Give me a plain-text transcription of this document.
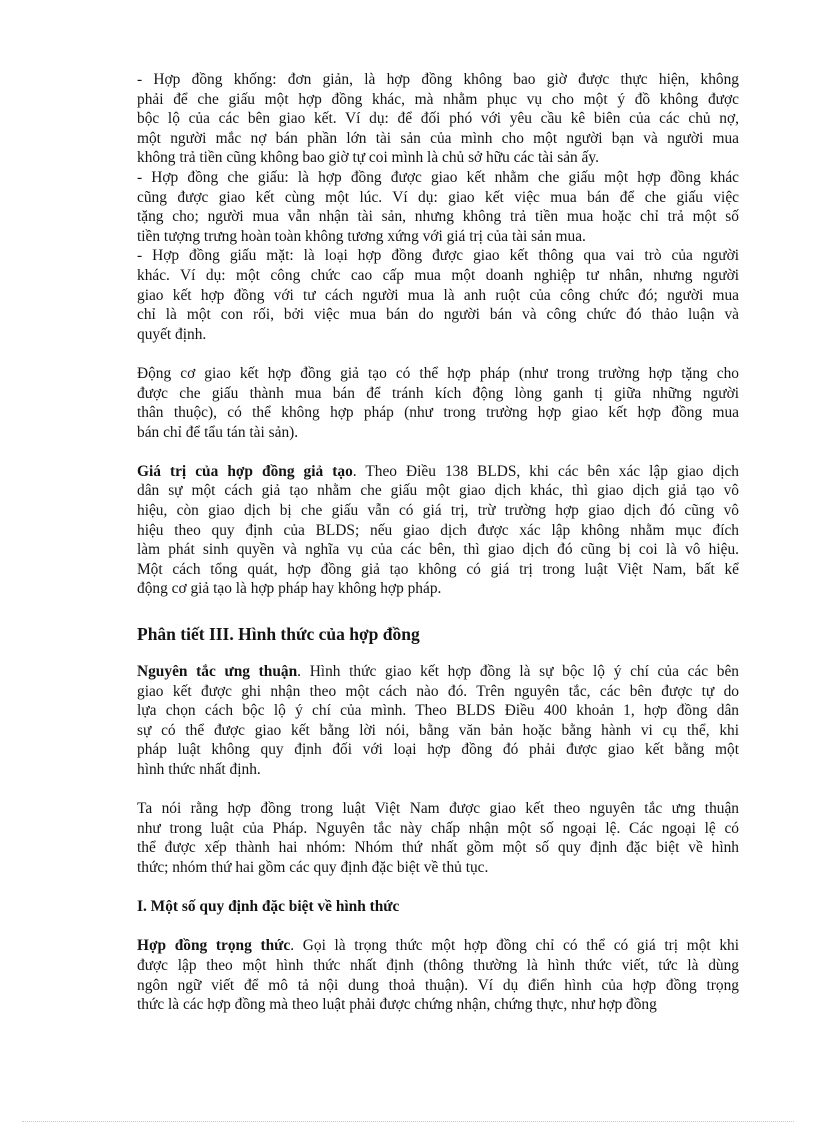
- Hợp đồng khống: đơn giản, là hợp đồng không bao giờ được thực hiện, không
phải để che giấu một hợp đồng khác, mà nhằm phục vụ cho một ý đồ không được
bộc lộ của các bên giao kết. Ví dụ: để đối phó với yêu cầu kê biên của các chủ nợ,
một người mắc nợ bán phần lớn tài sản của mình cho một người bạn và người mua
không trả tiền cũng không bao giờ tự coi mình là chủ sở hữu các tài sản ấy.
- Hợp đồng che giấu: là hợp đồng được giao kết nhằm che giấu một hợp đồng khác
cũng được giao kết cùng một lúc. Ví dụ: giao kết việc mua bán để che giấu việc
tặng cho; người mua vẫn nhận tài sản, nhưng không trả tiền mua hoặc chỉ trả một số
tiền tượng trưng hoàn toàn không tương xứng với giá trị của tài sản mua.
- Hợp đồng giấu mặt: là loại hợp đồng được giao kết thông qua vai trò của người
khác. Ví dụ: một công chức cao cấp mua một doanh nghiệp tư nhân, nhưng người
giao kết hợp đồng với tư cách người mua là anh ruột của công chức đó; người mua
chỉ là một con rối, bởi việc mua bán do người bán và công chức đó thảo luận và
quyết định.
Động cơ giao kết hợp đồng giả tạo có thể hợp pháp (như trong trường hợp tặng cho
được che giấu thành mua bán để tránh kích động lòng ganh tị giữa những người
thân thuộc), có thể không hợp pháp (như trong trường hợp giao kết hợp đồng mua
bán chỉ để tẩu tán tài sản).
Giá trị của hợp đồng giả tạo. Theo Điều 138 BLDS, khi các bên xác lập giao dịch
dân sự một cách giả tạo nhằm che giấu một giao dịch khác, thì giao dịch giả tạo vô
hiệu, còn giao dịch bị che giấu vẫn có giá trị, trừ trường hợp giao dịch đó cũng vô
hiệu theo quy định của BLDS; nếu giao dịch được xác lập không nhằm mục đích
làm phát sinh quyền và nghĩa vụ của các bên, thì giao dịch đó cũng bị coi là vô hiệu.
Một cách tổng quát, hợp đồng giả tạo không có giá trị trong luật Việt Nam, bất kể
động cơ giả tạo là hợp pháp hay không hợp pháp.
Phân tiết III. Hình thức của hợp đồng
Nguyên tắc ưng thuận. Hình thức giao kết hợp đồng là sự bộc lộ ý chí của các bên
giao kết được ghi nhận theo một cách nào đó. Trên nguyên tắc, các bên được tự do
lựa chọn cách bộc lộ ý chí của mình. Theo BLDS Điều 400 khoản 1, hợp đồng dân
sự có thể được giao kết bằng lời nói, bằng văn bản hoặc bằng hành vi cụ thể, khi
pháp luật không quy định đối với loại hợp đồng đó phải được giao kết bằng một
hình thức nhất định.
Ta nói rằng hợp đồng trong luật Việt Nam được giao kết theo nguyên tắc ưng thuận
như trong luật của Pháp. Nguyên tắc này chấp nhận một số ngoại lệ. Các ngoại lệ có
thể được xếp thành hai nhóm: Nhóm thứ nhất gồm một số quy định đặc biệt về hình
thức; nhóm thứ hai gồm các quy định đặc biệt về thủ tục.
I. Một số quy định đặc biệt về hình thức
Hợp đồng trọng thức. Gọi là trọng thức một hợp đồng chỉ có thể có giá trị một khi
được lập theo một hình thức nhất định (thông thường là hình thức viết, tức là dùng
ngôn ngữ viết để mô tả nội dung thoả thuận). Ví dụ điển hình của hợp đồng trọng
thức là các hợp đồng mà theo luật phải được chứng nhận, chứng thực, như hợp đồng
